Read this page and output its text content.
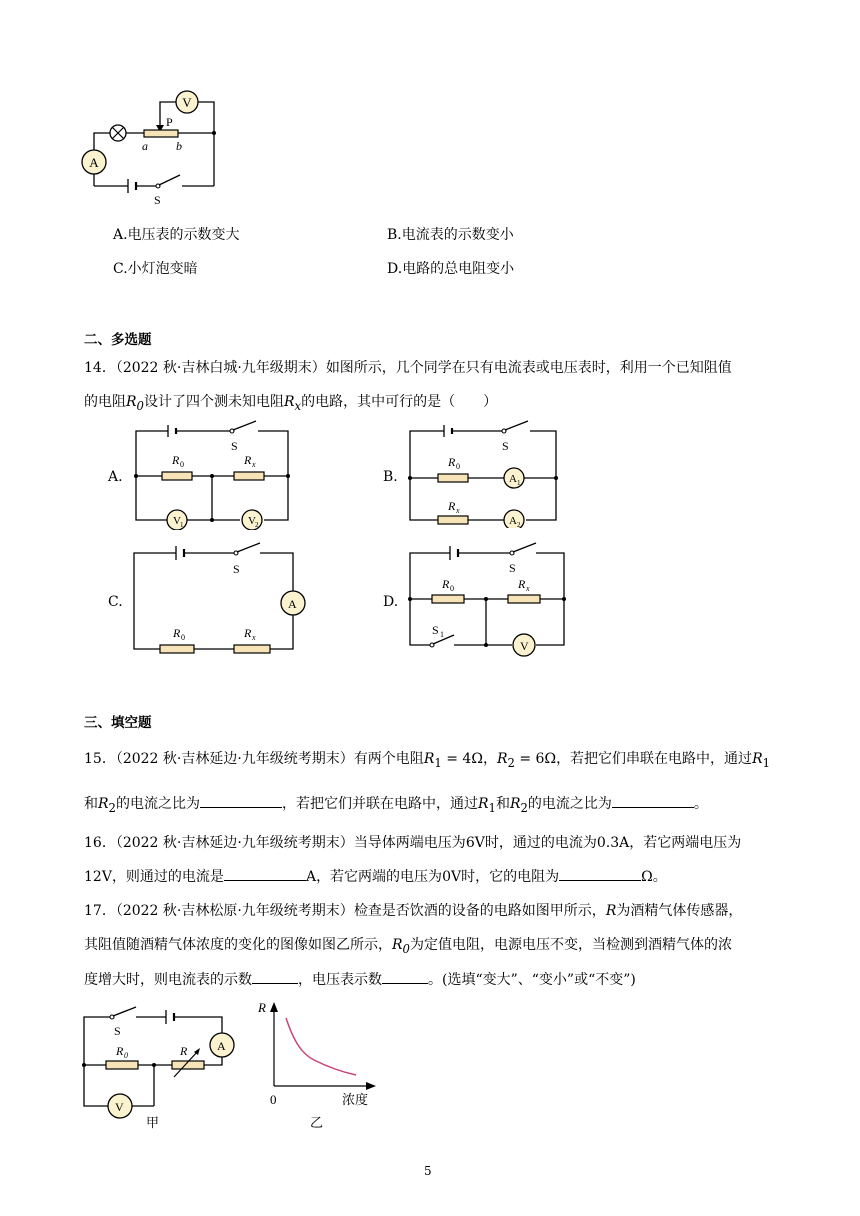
A
V
P
a b
S
A.电压表的示数变大	B.电流表的示数变小
C.小灯泡变暗	D.电路的总电阻变小
二、多选题
14．（2022 秋·吉林白城·九年级期末）如图所示，几个同学在只有电流表或电压表时，利用一个已知阻值
的电阻$R_0$设计了四个测未知电阻$R_x$的电路，其中可行的是（　　）
A.	B.
C.	D.
S
R 0	R x
V 1	V 2
S
R 0
R x
A 1
A 2
S
A
R 0	R x
S
R 0	R x
S 1
V
三、填空题
15．（2022 秋·吉林延边·九年级统考期末）有两个电阻$R_1 = 4\Omega$，$R_2 = 6\Omega$，若把它们串联在电路中，通过$R_1$
和$R_2$的电流之比为	，若把它们并联在电路中，通过$R_1$和$R_2$的电流之比为	。
16．（2022 秋·吉林延边·九年级统考期末）当导体两端电压为6V时，通过的电流为0.3A，若它两端电压为
12V，则通过的电流是	A，若它两端的电压为0V时，它的电阻为	Ω。
17．（2022 秋·吉林松原·九年级统考期末）检查是否饮酒的设备的电路如图甲所示，R为酒精气体传感器，
其阻值随酒精气体浓度的变化的图像如图乙所示，$R_0$为定值电阻，电源电压不变，当检测到酒精气体的浓
度增大时，则电流表的示数	，电压表示数	。(选填“变大”、“变小”或“不变”)
S
A
R 0	R
V
甲
R
0	浓度
乙
5
